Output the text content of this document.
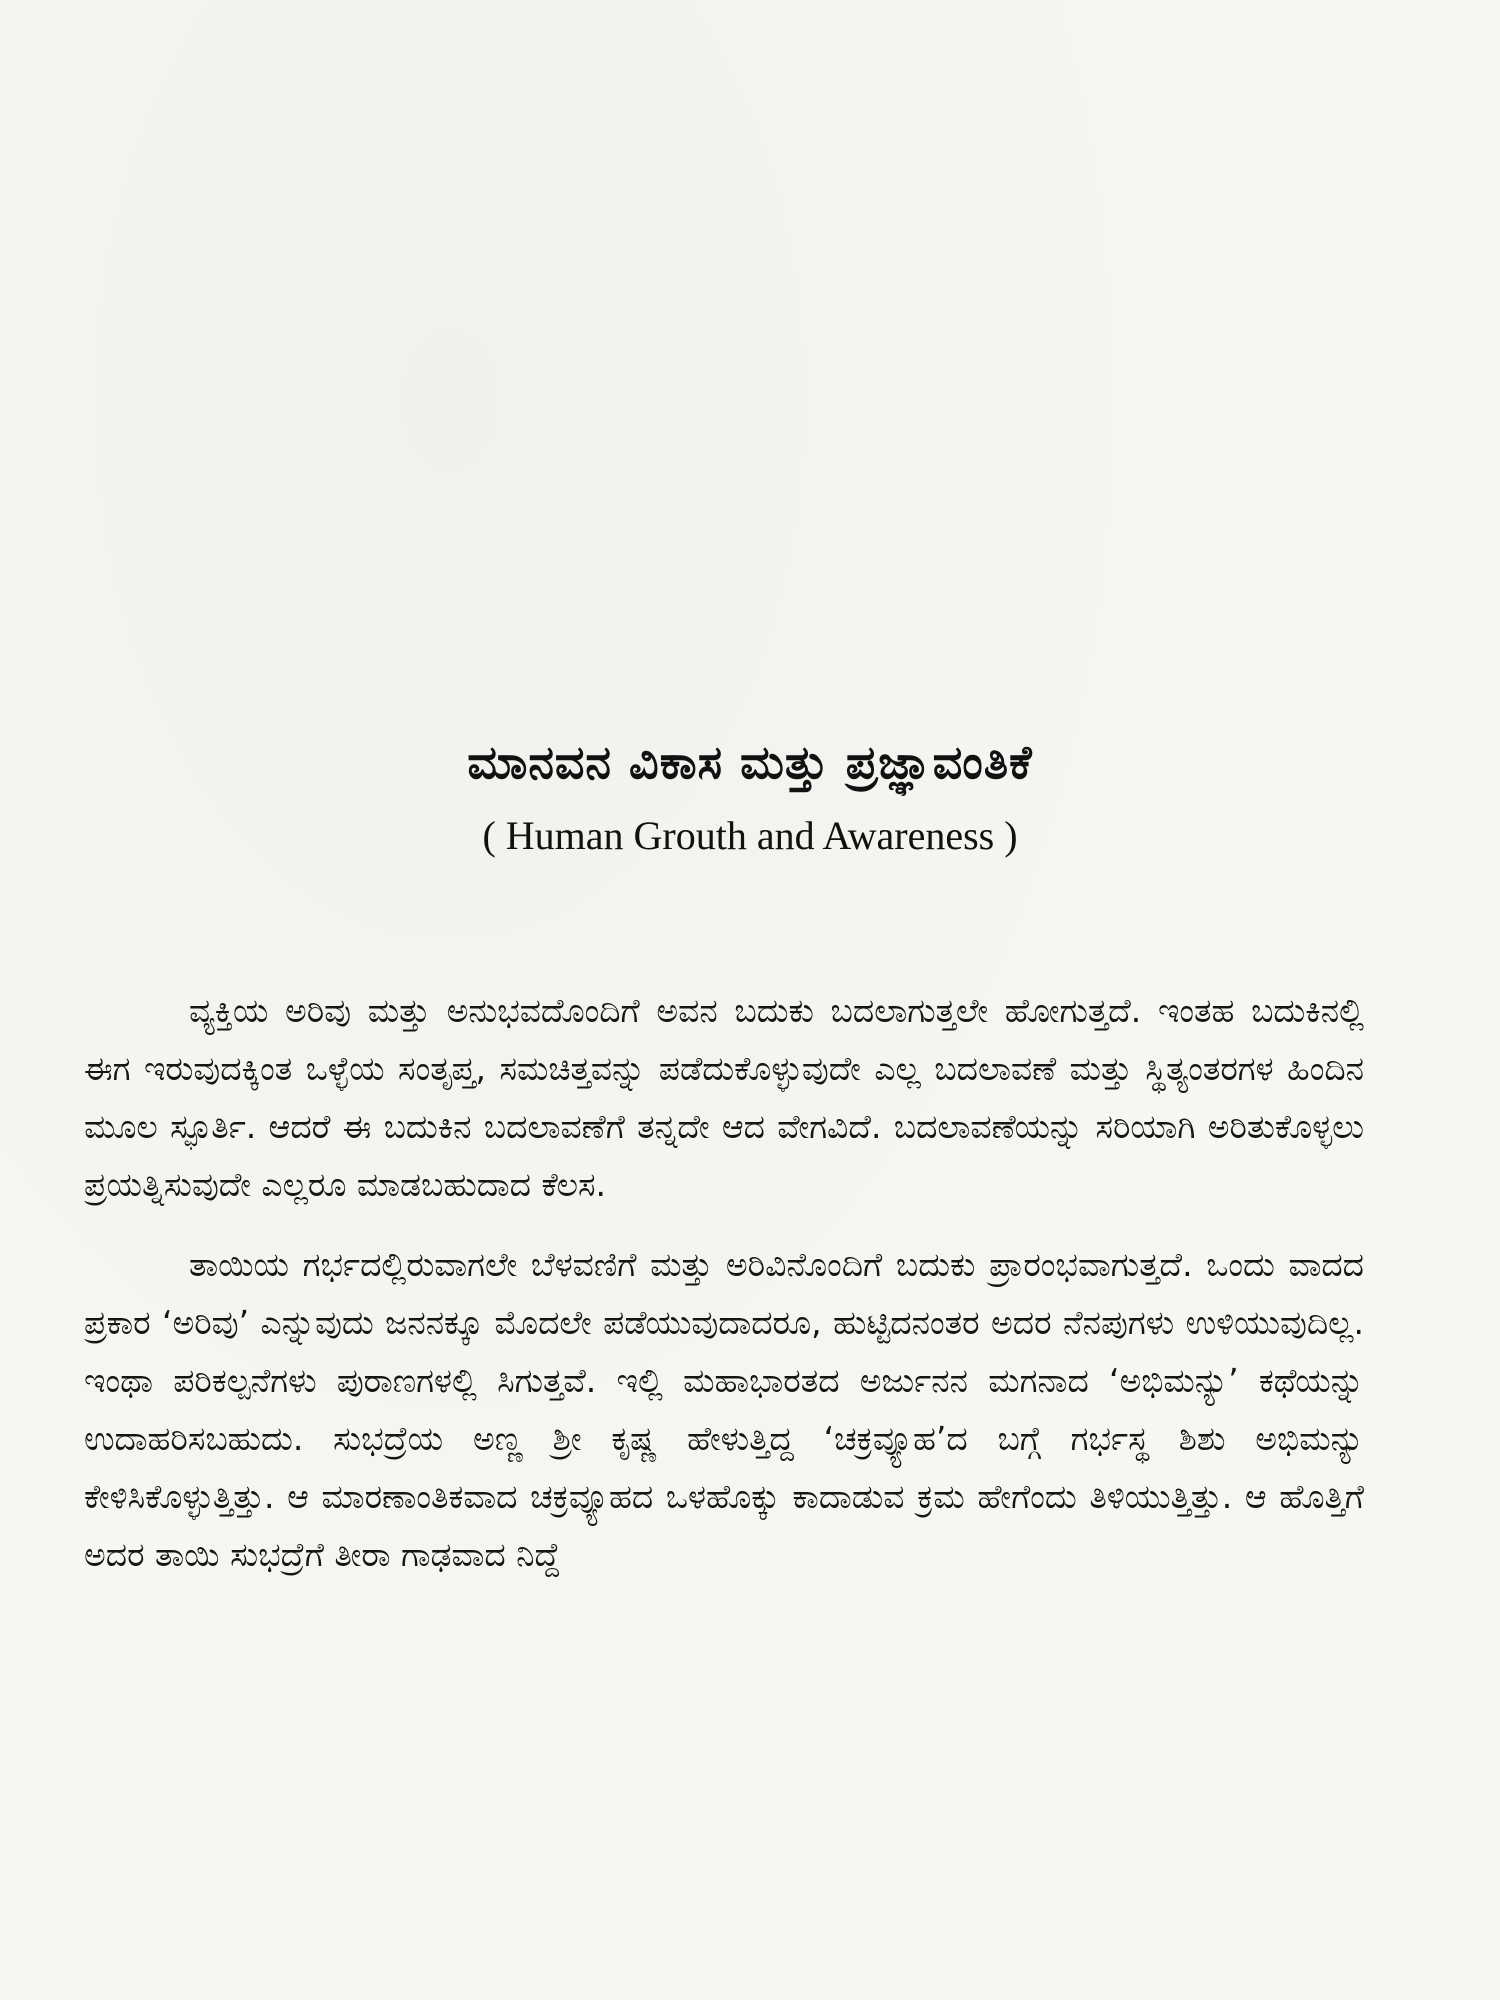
ಮಾನವನ ವಿಕಾಸ ಮತ್ತು ಪ್ರಜ್ಞಾವಂತಿಕೆ
( Human Grouth and Awareness )

ವ್ಯಕ್ತಿಯ ಅರಿವು ಮತ್ತು ಅನುಭವದೊಂದಿಗೆ ಅವನ ಬದುಕು ಬದಲಾಗುತ್ತಲೇ ಹೋಗುತ್ತದೆ. ಇಂತಹ ಬದುಕಿನಲ್ಲಿ ಈಗ ಇರುವುದಕ್ಕಿಂತ ಒಳ್ಳೆಯ ಸಂತೃಪ್ತ, ಸಮಚಿತ್ತವನ್ನು ಪಡೆದುಕೊಳ್ಳುವುದೇ ಎಲ್ಲ ಬದಲಾವಣೆ ಮತ್ತು ಸ್ಥಿತ್ಯಂತರಗಳ ಹಿಂದಿನ ಮೂಲ ಸ್ಫೂರ್ತಿ. ಆದರೆ ಈ ಬದುಕಿನ ಬದಲಾವಣೆಗೆ ತನ್ನದೇ ಆದ ವೇಗವಿದೆ. ಬದಲಾವಣೆಯನ್ನು ಸರಿಯಾಗಿ ಅರಿತುಕೊಳ್ಳಲು ಪ್ರಯತ್ನಿಸುವುದೇ ಎಲ್ಲರೂ ಮಾಡಬಹುದಾದ ಕೆಲಸ.

ತಾಯಿಯ ಗರ್ಭದಲ್ಲಿರುವಾಗಲೇ ಬೆಳವಣಿಗೆ ಮತ್ತು ಅರಿವಿನೊಂದಿಗೆ ಬದುಕು ಪ್ರಾರಂಭವಾಗುತ್ತದೆ. ಒಂದು ವಾದದ ಪ್ರಕಾರ ‘ಅರಿವು’ ಎನ್ನುವುದು ಜನನಕ್ಕೂ ಮೊದಲೇ ಪಡೆಯುವುದಾದರೂ, ಹುಟ್ಟಿದನಂತರ ಅದರ ನೆನಪುಗಳು ಉಳಿಯುವುದಿಲ್ಲ. ಇಂಥಾ ಪರಿಕಲ್ಪನೆಗಳು ಪುರಾಣಗಳಲ್ಲಿ ಸಿಗುತ್ತವೆ. ಇಲ್ಲಿ ಮಹಾಭಾರತದ ಅರ್ಜುನನ ಮಗನಾದ ‘ಅಭಿಮನ್ಯು’ ಕಥೆಯನ್ನು ಉದಾಹರಿಸಬಹುದು. ಸುಭದ್ರೆಯ ಅಣ್ಣ ಶ್ರೀ ಕೃಷ್ಣ ಹೇಳುತ್ತಿದ್ದ ‘ಚಕ್ರವ್ಯೂಹ’ದ ಬಗ್ಗೆ ಗರ್ಭಸ್ಥ ಶಿಶು ಅಭಿಮನ್ಯು ಕೇಳಿಸಿಕೊಳ್ಳುತ್ತಿತ್ತು. ಆ ಮಾರಣಾಂತಿಕವಾದ ಚಕ್ರವ್ಯೂಹದ ಒಳಹೊಕ್ಕು ಕಾದಾಡುವ ಕ್ರಮ ಹೇಗೆಂದು ತಿಳಿಯುತ್ತಿತ್ತು. ಆ ಹೊತ್ತಿಗೆ ಅದರ ತಾಯಿ ಸುಭದ್ರೆಗೆ ತೀರಾ ಗಾಢವಾದ ನಿದ್ದೆ
